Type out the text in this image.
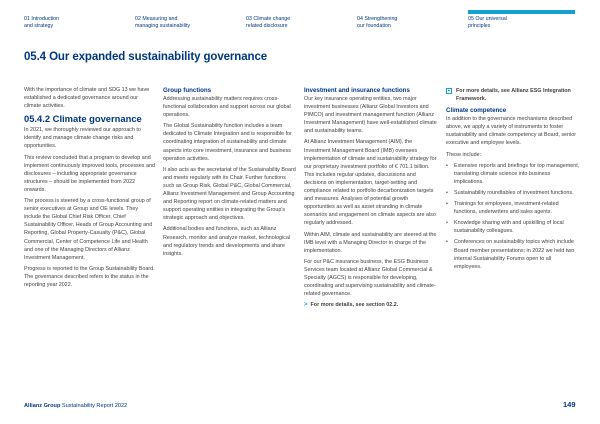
01 Introduction
and strategy
02 Measuring and
managing sustainability
03 Climate change
related disclosure
04 Strengthening
our foundation
05 Our universal
principles
05.4 Our expanded sustainability governance

With the importance of climate and SDG 13 we have established a dedicated governance around our climate activities.

05.4.2 Climate governance

In 2021, we thoroughly reviewed our approach to identify and manage climate change risks and opportunities.

This review concluded that a program to develop and implement continuously improved tools, processes and disclosures – including appropriate governance structures – should be implemented from 2022 onwards.

The process is steered by a cross-functional group of senior executives at Group and OE levels. They include the Global Chief Risk Officer, Chief Sustainability Officer, Heads of Group Accounting and Reporting, Global Property-Casualty (P&C), Global Commercial, Center of Competence Life and Health and one of the Managing Directors of Allianz Investment Management.

Progress is reported to the Group Sustainability Board. The governance described refers to the status in the reporting year 2022.

Group functions

Addressing sustainability matters requires cross-functional collaboration and support across our global operations.

The Global Sustainability function includes a team dedicated to Climate Integration and is responsible for coordinating integration of sustainability and climate aspects into core investment, insurance and business operation activities.

It also acts as the secretariat of the Sustainability Board and meets regularly with its Chair. Further functions such as Group Risk, Global P&C, Global Commercial, Allianz Investment Management and Group Accounting and Reporting report on climate-related matters and support operating entities in integrating the Group's strategic approach and objectives.

Additional bodies and functions, such as Allianz Research, monitor and analyze market, technological and regulatory trends and developments and share insights.

Investment and insurance functions

Our key insurance operating entities, two major investment businesses (Allianz Global Investors and PIMCO) and investment management function (Allianz Investment Management) have well-established climate and sustainability teams.

At Allianz Investment Management (AIM), the Investment Management Board (IMB) oversees implementation of climate and sustainability strategy for our proprietary investment portfolio of € 701.1 billion. This includes regular updates, discussions and decisions on implementation, target-setting and compliance related to portfolio decarbonization targets and measures. Analyses of potential growth opportunities as well as asset stranding in climate scenarios and engagement on climate aspects are also regularly addressed.

Within AIM, climate and sustainability are steered at the IMB level with a Managing Director in charge of the implementation.

For our P&C insurance business, the ESG Business Services team located at Allianz Global Commercial & Specialty (AGCS) is responsible for developing, coordinating and supervising sustainability and climate-related governance.

> For more details, see section 02.2.
For more details, see Allianz ESG Integration Framework.
Climate competence

In addition to the governance mechanisms described above, we apply a variety of instruments to foster sustainability and climate competency at Board, senior executive and employee levels.

These include:

• Extensive reports and briefings for top management, translating climate science into business implications.
• Sustainability roundtables of investment functions.
• Trainings for employees, investment-related functions, underwriters and sales agents.
• Knowledge sharing with and upskilling of local sustainability colleagues.
• Conferences on sustainability topics which include Board member presentations; in 2022 we held two internal Sustainability Forums open to all employees.
Allianz Group Sustainability Report 2022	149
